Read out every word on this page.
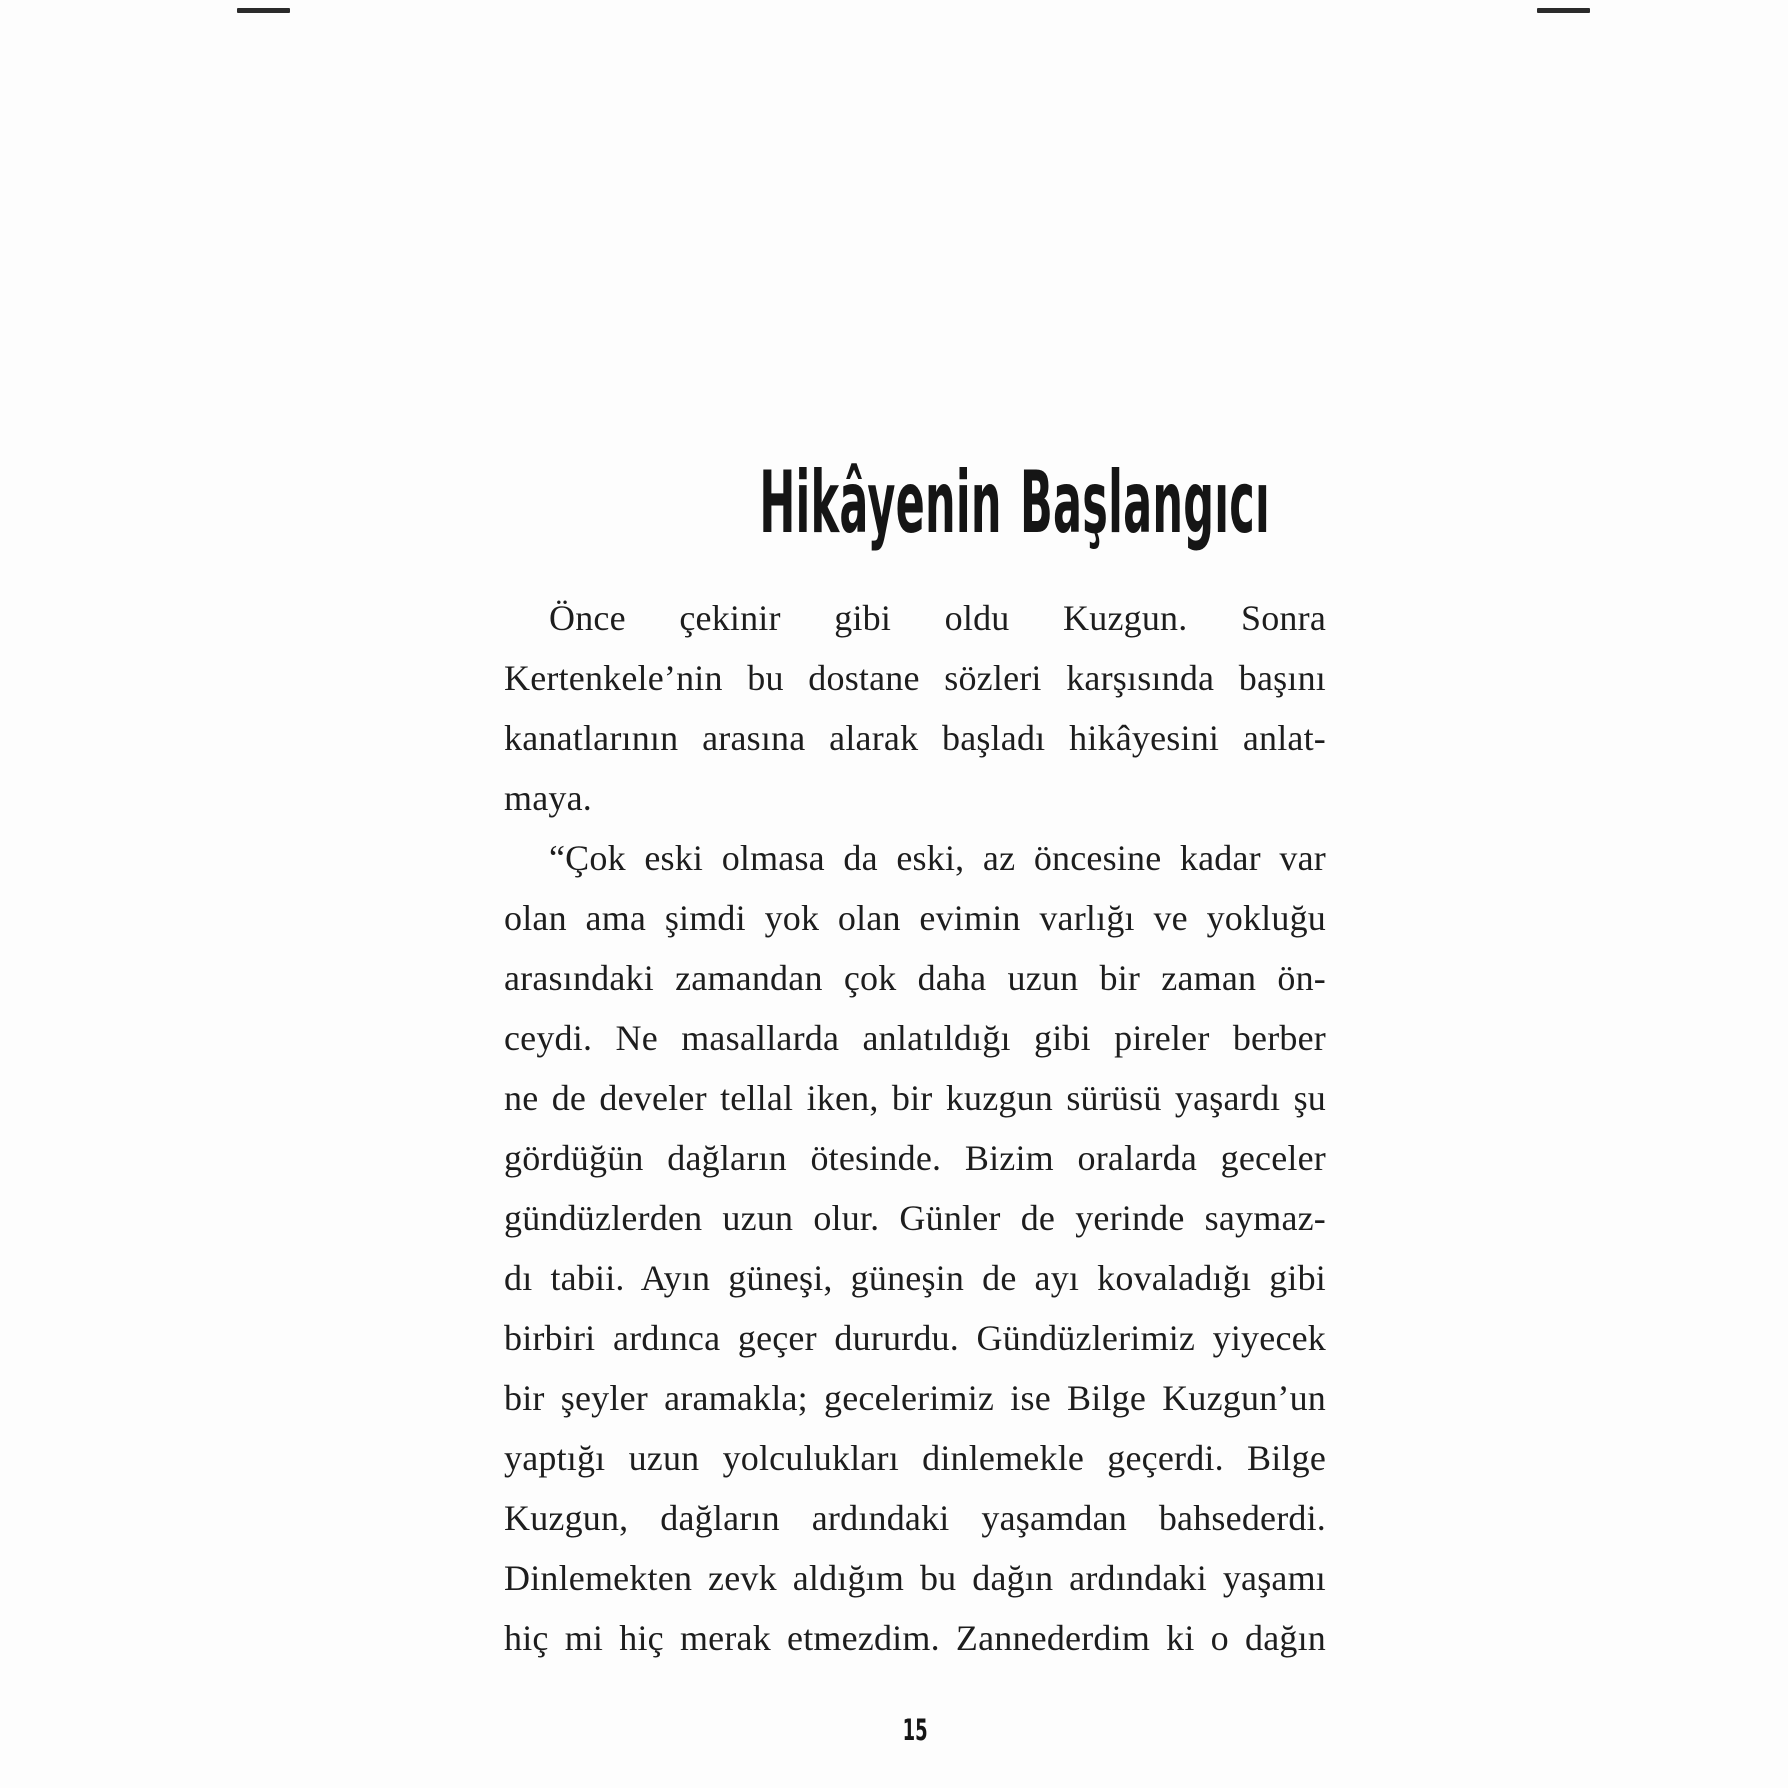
Hikâyenin Başlangıcı
Önce çekinir gibi oldu Kuzgun. Sonra
Kertenkele’nin bu dostane sözleri karşısında başını
kanatlarının arasına alarak başladı hikâyesini anlat-
maya.
“Çok eski olmasa da eski, az öncesine kadar var
olan ama şimdi yok olan evimin varlığı ve yokluğu
arasındaki zamandan çok daha uzun bir zaman ön-
ceydi. Ne masallarda anlatıldığı gibi pireler berber
ne de develer tellal iken, bir kuzgun sürüsü yaşardı şu
gördüğün dağların ötesinde. Bizim oralarda geceler
gündüzlerden uzun olur. Günler de yerinde saymaz-
dı tabii. Ayın güneşi, güneşin de ayı kovaladığı gibi
birbiri ardınca geçer dururdu. Gündüzlerimiz yiyecek
bir şeyler aramakla; gecelerimiz ise Bilge Kuzgun’un
yaptığı uzun yolculukları dinlemekle geçerdi. Bilge
Kuzgun, dağların ardındaki yaşamdan bahsederdi.
Dinlemekten zevk aldığım bu dağın ardındaki yaşamı
hiç mi hiç merak etmezdim. Zannederdim ki o dağın
15
